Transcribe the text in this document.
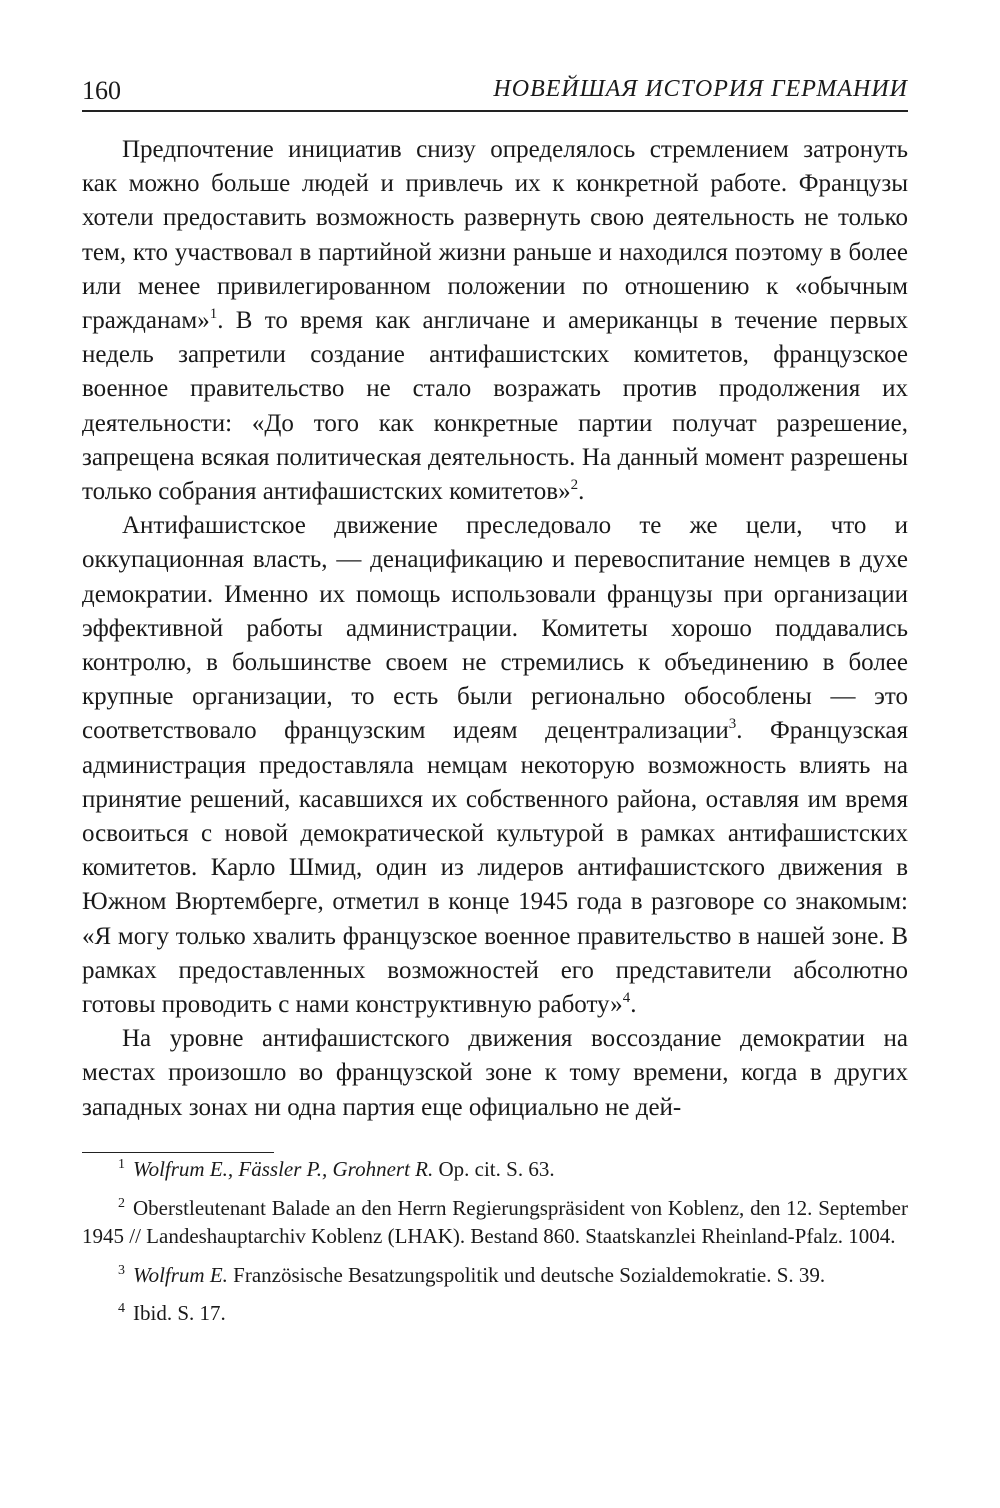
160	НОВЕЙШАЯ ИСТОРИЯ ГЕРМАНИИ

Предпочтение инициатив снизу определялось стремлением затронуть как можно больше людей и привлечь их к конкретной работе. Французы хотели предоставить возможность развернуть свою деятельность не только тем, кто участвовал в партийной жизни раньше и находился поэтому в более или менее привилегированном положении по отношению к «обычным гражданам»$^1$. В то время как англичане и американцы в течение первых недель запретили создание антифашистских комитетов, французское военное правительство не стало возражать против продолжения их деятельности: «До того как конкретные партии получат разрешение, запрещена всякая политическая деятельность. На данный момент разрешены только собрания антифашистских комитетов»$^2$.

Антифашистское движение преследовало те же цели, что и оккупационная власть, — денацификацию и перевоспитание немцев в духе демократии. Именно их помощь использовали французы при организации эффективной работы администрации. Комитеты хорошо поддавались контролю, в большинстве своем не стремились к объединению в более крупные организации, то есть были регионально обособлены — это соответствовало французским идеям децентрализации$^3$. Французская администрация предоставляла немцам некоторую возможность влиять на принятие решений, касавшихся их собственного района, оставляя им время освоиться с новой демократической культурой в рамках антифашистских комитетов. Карло Шмид, один из лидеров антифашистского движения в Южном Вюртемберге, отметил в конце 1945 года в разговоре со знакомым: «Я могу только хвалить французское военное правительство в нашей зоне. В рамках предоставленных возможностей его представители абсолютно готовы проводить с нами конструктивную работу»$^4$.

На уровне антифашистского движения воссоздание демократии на местах произошло во французской зоне к тому времени, когда в других западных зонах ни одна партия еще официально не дей-

$^1$ Wolfrum E., Fässler P., Grohnert R. Op. cit. S. 63.

$^2$ Oberstleutenant Balade an den Herrn Regierungspräsident von Koblenz, den 12. September 1945 // Landeshauptarchiv Koblenz (LHAK). Bestand 860. Staatskanzlei Rheinland-Pfalz. 1004.

$^3$ Wolfrum E. Französische Besatzungspolitik und deutsche Sozialdemokratie. S. 39.

$^4$ Ibid. S. 17.
